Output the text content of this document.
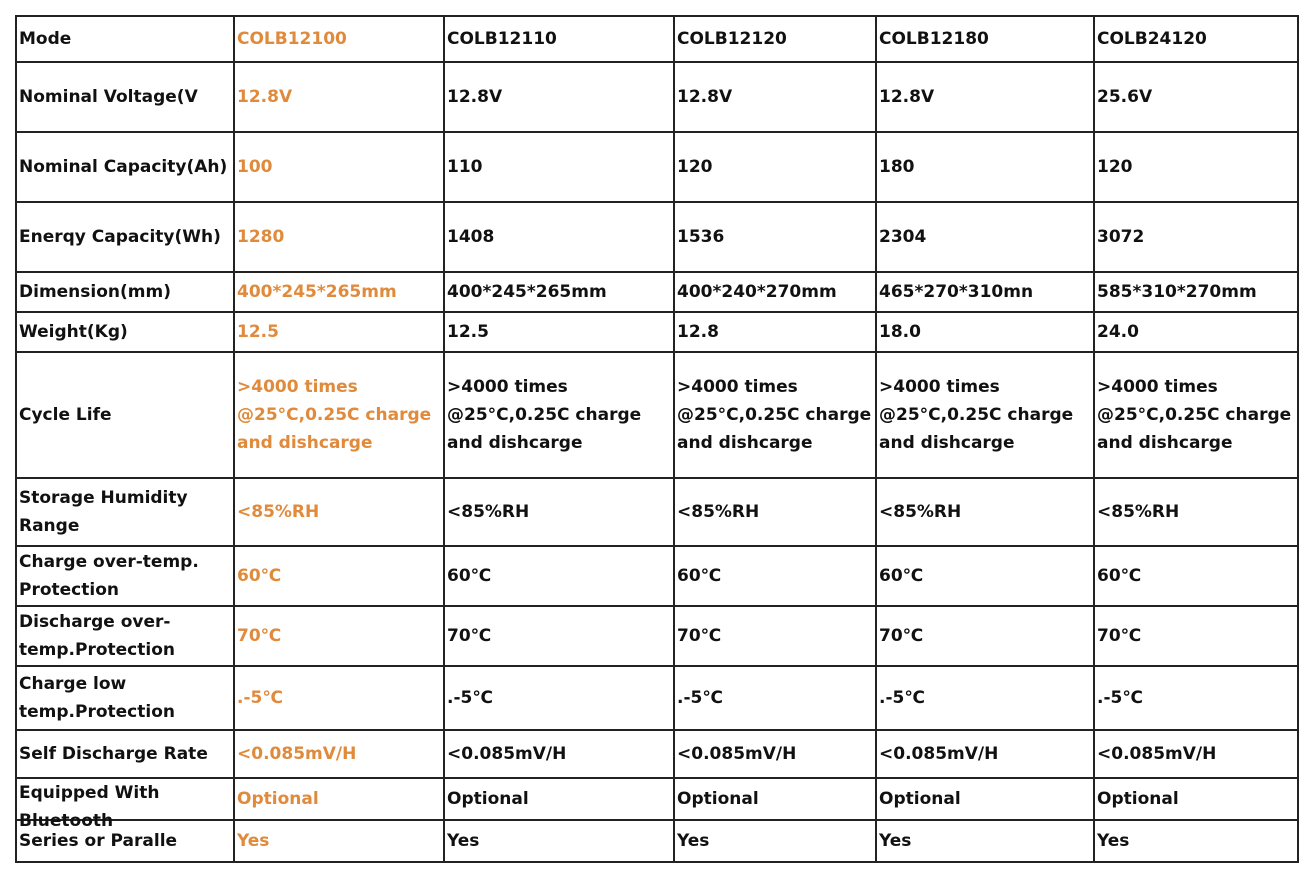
Mode	COLB12100	COLB12110	COLB12120	COLB12180	COLB24120
Nominal Voltage(V	12.8V	12.8V	12.8V	12.8V	25.6V
Nominal Capacity(Ah)	100	110	120	180	120
Enerqy Capacity(Wh)	1280	1408	1536	2304	3072
Dimension(mm)	400*245*265mm	400*245*265mm	400*240*270mm	465*270*310mn	585*310*270mm
Weight(Kg)	12.5	12.5	12.8	18.0	24.0
Cycle Life	>4000 times @25°C,0.25C charge and dishcarge	>4000 times @25°C,0.25C charge and dishcarge	>4000 times @25°C,0.25C charge and dishcarge	>4000 times @25°C,0.25C charge and dishcarge	>4000 times @25°C,0.25C charge and dishcarge
Storage Humidity Range	<85%RH	<85%RH	<85%RH	<85%RH	<85%RH
Charge over-temp. Protection	60℃	60℃	60℃	60℃	60℃
Discharge over-temp.Protection	70℃	70℃	70℃	70℃	70℃
Charge low temp.Protection	.-5℃	.-5℃	.-5℃	.-5℃	.-5℃
Self Discharge Rate	<0.085mV/H	<0.085mV/H	<0.085mV/H	<0.085mV/H	<0.085mV/H

Equipped With Bluetooth	Optional	Optional	Optional	Optional	Optional
Series or Paralle	Yes	Yes	Yes	Yes	Yes
